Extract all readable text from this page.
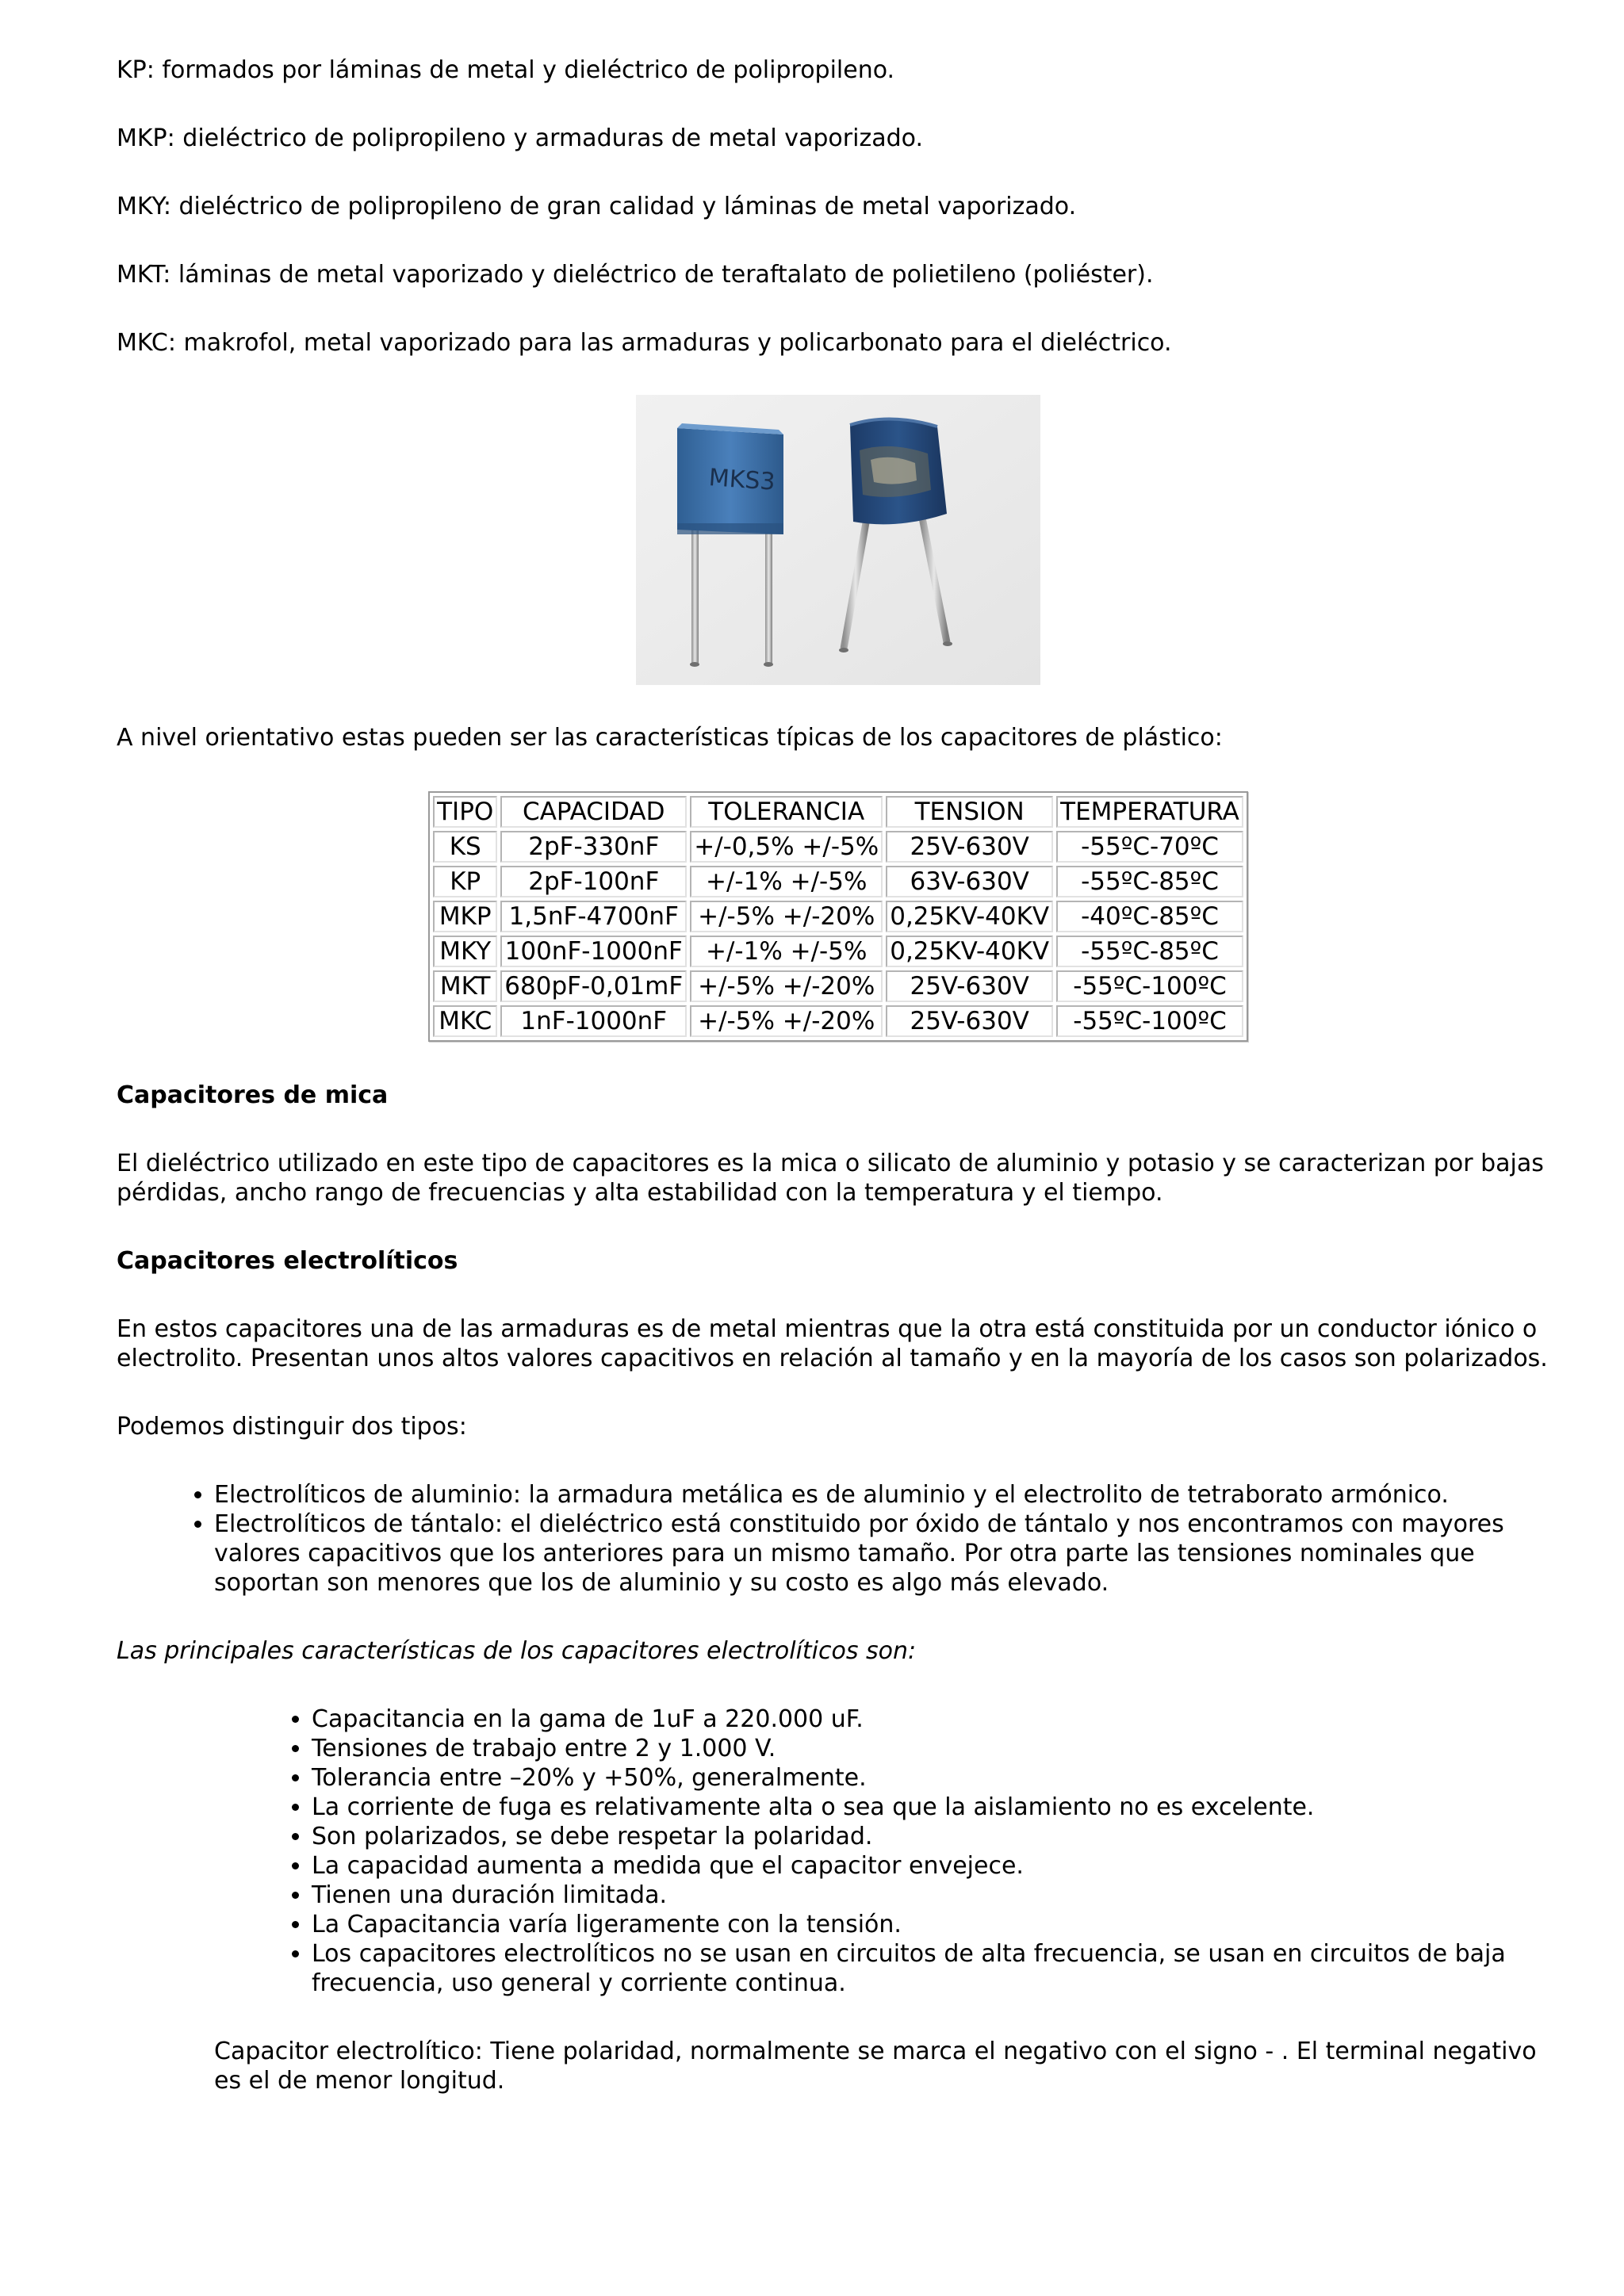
KP: formados por láminas de metal y dieléctrico de polipropileno.

MKP: dieléctrico de polipropileno y armaduras de metal vaporizado.

MKY: dieléctrico de polipropileno de gran calidad y láminas de metal vaporizado.

MKT: láminas de metal vaporizado y dieléctrico de teraftalato de polietileno (poliéster).

MKC: makrofol, metal vaporizado para las armaduras y policarbonato para el dieléctrico.

MKS3

A nivel orientativo estas pueden ser las características típicas de los capacitores de plástico:

TIPO	CAPACIDAD	TOLERANCIA	TENSION	TEMPERATURA
KS	2pF-330nF	+/-0,5% +/-5%	25V-630V	-55ºC-70ºC
KP	2pF-100nF	+/-1% +/-5%	63V-630V	-55ºC-85ºC
MKP	1,5nF-4700nF	+/-5% +/-20%	0,25KV-40KV	-40ºC-85ºC
MKY	100nF-1000nF	+/-1% +/-5%	0,25KV-40KV	-55ºC-85ºC
MKT	680pF-0,01mF	+/-5% +/-20%	25V-630V	-55ºC-100ºC
MKC	1nF-1000nF	+/-5% +/-20%	25V-630V	-55ºC-100ºC

Capacitores de mica

El dieléctrico utilizado en este tipo de capacitores es la mica o silicato de aluminio y potasio y se caracterizan por bajas pérdidas, ancho rango de frecuencias y alta estabilidad con la temperatura y el tiempo.

Capacitores electrolíticos

En estos capacitores una de las armaduras es de metal mientras que la otra está constituida por un conductor iónico o electrolito. Presentan unos altos valores capacitivos en relación al tamaño y en la mayoría de los casos son polarizados.

Podemos distinguir dos tipos:

• Electrolíticos de aluminio: la armadura metálica es de aluminio y el electrolito de tetraborato armónico.
• Electrolíticos de tántalo: el dieléctrico está constituido por óxido de tántalo y nos encontramos con mayores valores capacitivos que los anteriores para un mismo tamaño. Por otra parte las tensiones nominales que soportan son menores que los de aluminio y su costo es algo más elevado.

Las principales características de los capacitores electrolíticos son:

• Capacitancia en la gama de 1uF a 220.000 uF.
• Tensiones de trabajo entre 2 y 1.000 V.
• Tolerancia entre –20% y +50%, generalmente.
• La corriente de fuga es relativamente alta o sea que la aislamiento no es excelente.
• Son polarizados, se debe respetar la polaridad.
• La capacidad aumenta a medida que el capacitor envejece.
• Tienen una duración limitada.
• La Capacitancia varía ligeramente con la tensión.
• Los capacitores electrolíticos no se usan en circuitos de alta frecuencia, se usan en circuitos de baja frecuencia, uso general y corriente continua.

Capacitor electrolítico: Tiene polaridad, normalmente se marca el negativo con el signo - . El terminal negativo es el de menor longitud.
